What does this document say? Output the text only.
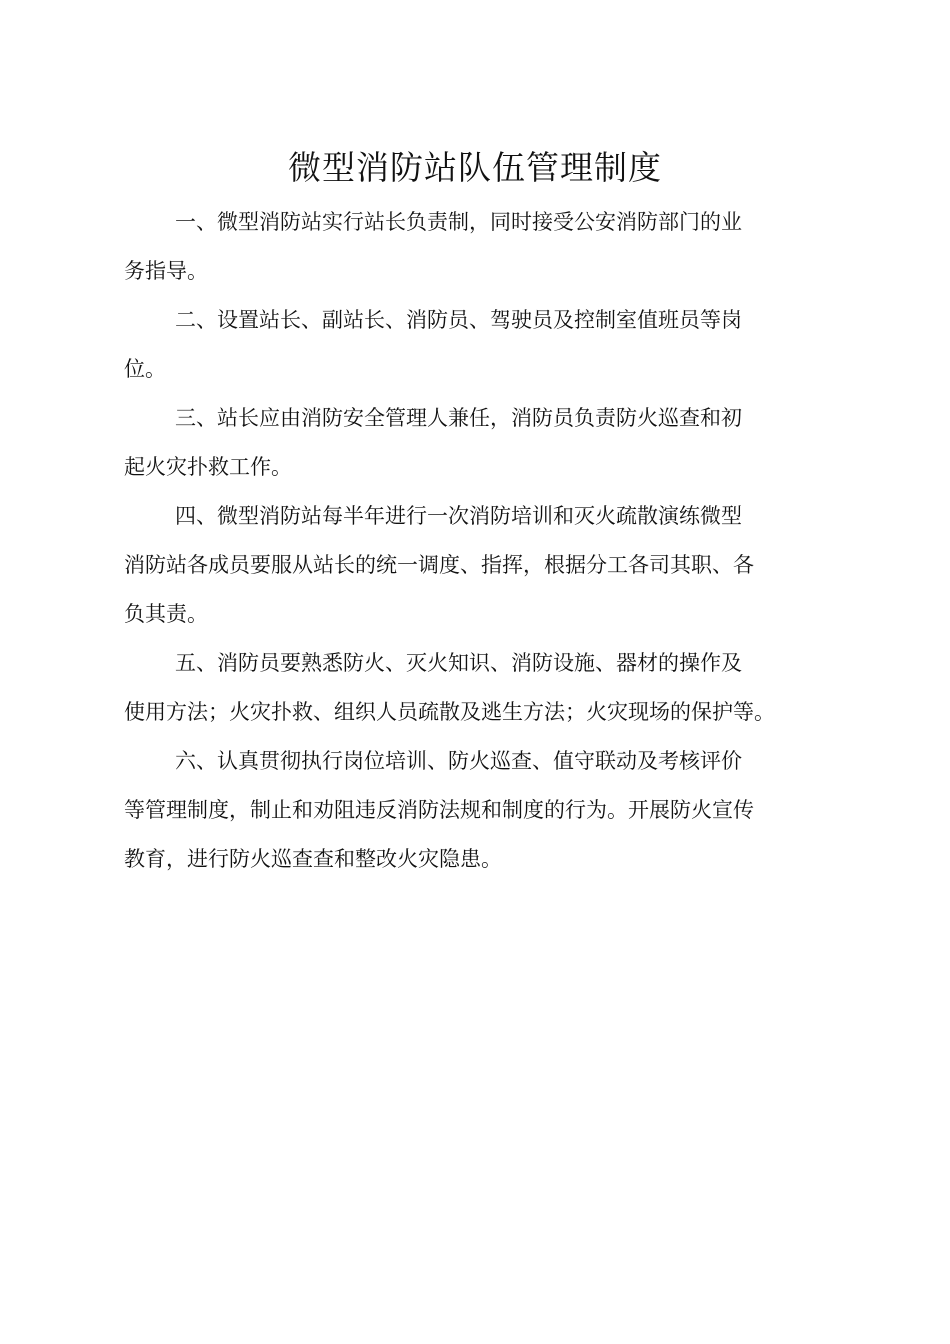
微型消防站队伍管理制度
一、微型消防站实行站长负责制，同时接受公安消防部门的业
务指导。
二、设置站长、副站长、消防员、驾驶员及控制室值班员等岗
位。
三、站长应由消防安全管理人兼任，消防员负责防火巡查和初
起火灾扑救工作。
四、微型消防站每半年进行一次消防培训和灭火疏散演练微型
消防站各成员要服从站长的统一调度、指挥，根据分工各司其职、各
负其责。
五、消防员要熟悉防火、灭火知识、消防设施、器材的操作及
使用方法；火灾扑救、组织人员疏散及逃生方法；火灾现场的保护等。
六、认真贯彻执行岗位培训、防火巡查、值守联动及考核评价
等管理制度，制止和劝阻违反消防法规和制度的行为。开展防火宣传
教育，进行防火巡查查和整改火灾隐患。
